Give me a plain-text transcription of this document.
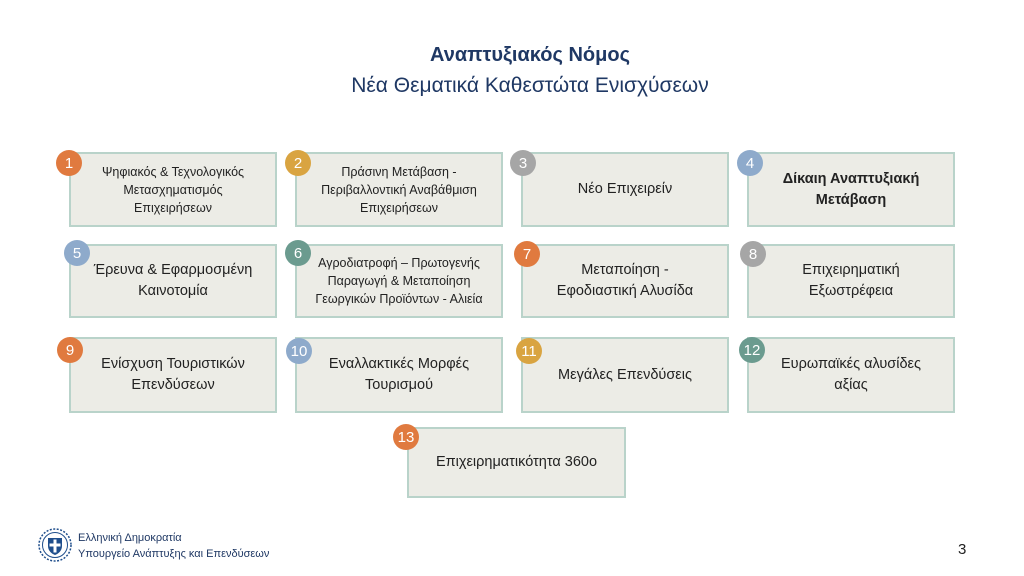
Αναπτυξιακός Νόμος
Νέα Θεματικά Καθεστώτα Ενισχύσεων
Ψηφιακός & Τεχνολογικός
Μετασχηματισμός
Επιχειρήσεων
Πράσινη Μετάβαση -
Περιβαλλοντική Αναβάθμιση
Επιχειρήσεων
Νέο Επιχειρείν
Δίκαιη Αναπτυξιακή
Μετάβαση
Έρευνα & Εφαρμοσμένη
Καινοτομία
Αγροδιατροφή – Πρωτογενής
Παραγωγή & Μεταποίηση
Γεωργικών Προϊόντων - Αλιεία
Μεταποίηση -
Εφοδιαστική Αλυσίδα
Επιχειρηματική
Εξωστρέφεια
Ενίσχυση Τουριστικών
Επενδύσεων
Εναλλακτικές Μορφές
Τουρισμού
Μεγάλες Επενδύσεις
Ευρωπαϊκές αλυσίδες
αξίας
Επιχειρηματικότητα 360ο
1	2	3	4
5	6	7	8
9	10	11	12
13
Ελληνική Δημοκρατία
Υπουργείο Ανάπτυξης και Επενδύσεων	3
